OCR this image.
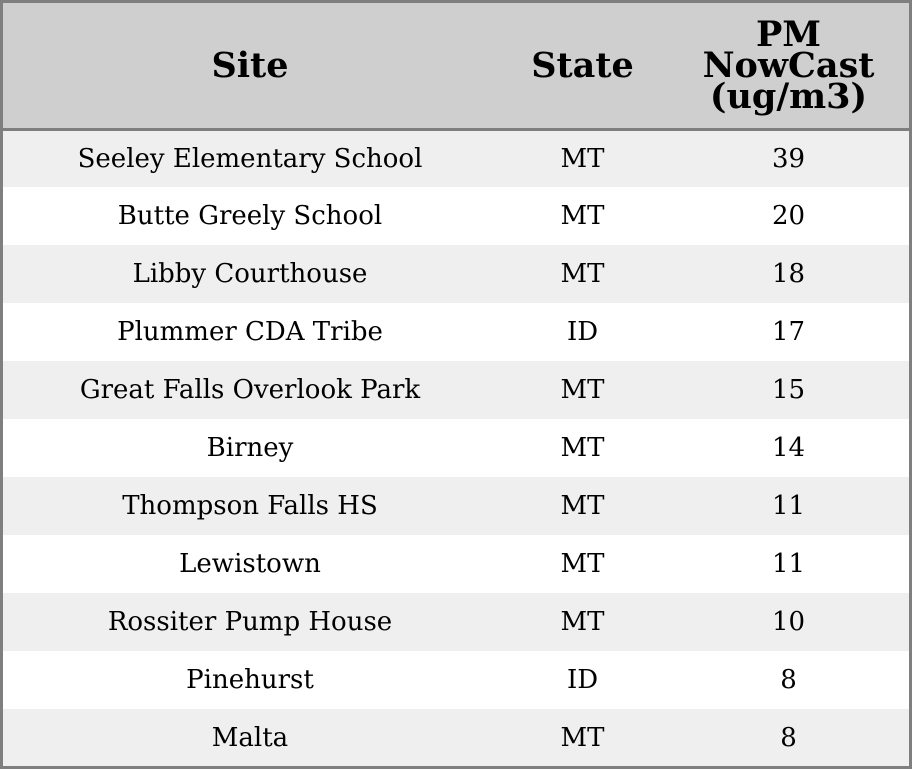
Site	State	PM NowCast (ug/m3)
Seeley Elementary School	MT	39
Butte Greely School	MT	20
Libby Courthouse	MT	18
Plummer CDA Tribe	ID	17
Great Falls Overlook Park	MT	15
Birney	MT	14
Thompson Falls HS	MT	11
Lewistown	MT	11
Rossiter Pump House	MT	10
Pinehurst	ID	8
Malta	MT	8
